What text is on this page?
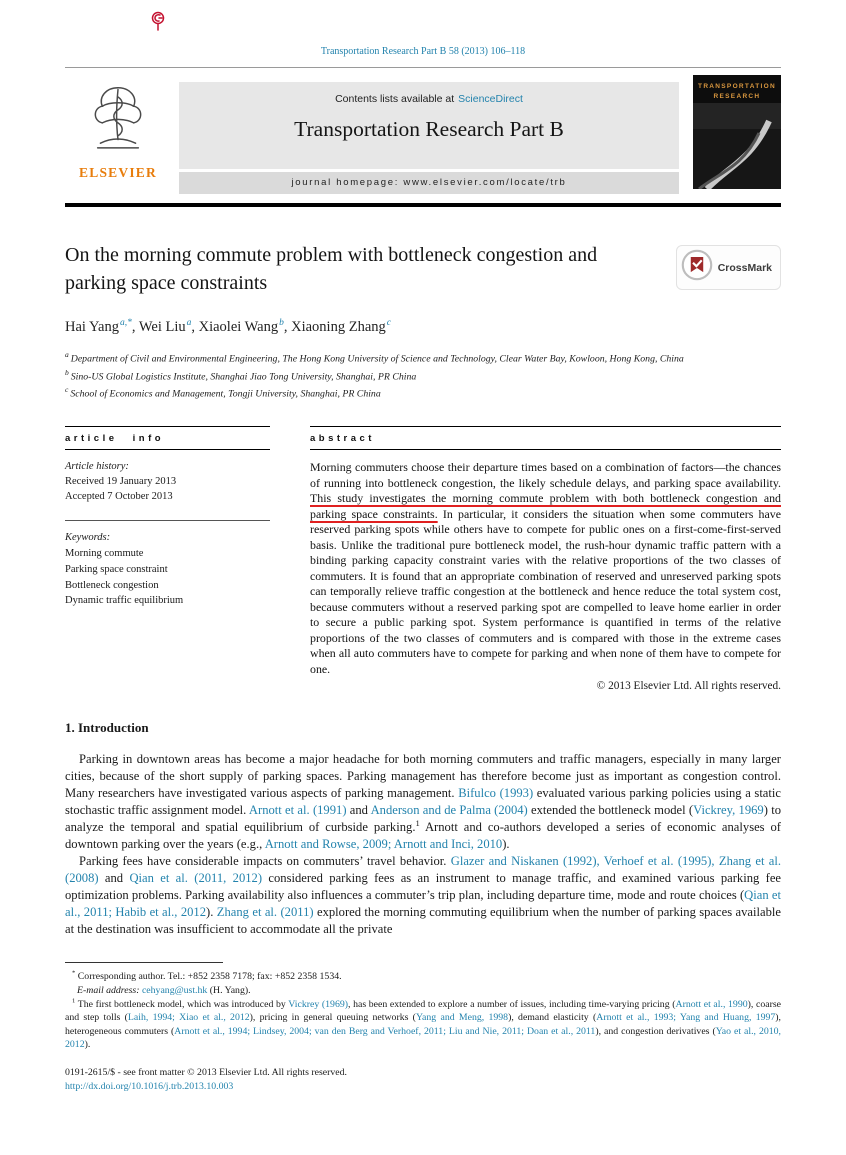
Transportation Research Part B 58 (2013) 106–118
ELSEVIER
Contents lists available at ScienceDirect
Transportation Research Part B
journal homepage: www.elsevier.com/locate/trb
TRANSPORTATION
RESEARCH
On the morning commute problem with bottleneck congestion and parking space constraints
CrossMark
Hai Yang$^{a,*}$, Wei Liu$^a$, Xiaolei Wang$^b$, Xiaoning Zhang$^c$
$^a$ Department of Civil and Environmental Engineering, The Hong Kong University of Science and Technology, Clear Water Bay, Kowloon, Hong Kong, China
$^b$ Sino-US Global Logistics Institute, Shanghai Jiao Tong University, Shanghai, PR China
$^c$ School of Economics and Management, Tongji University, Shanghai, PR China
article info
Article history:
Received 19 January 2013
Accepted 7 October 2013
Keywords:
Morning commute
Parking space constraint
Bottleneck congestion
Dynamic traffic equilibrium
abstract

Morning commuters choose their departure times based on a combination of factors—the chances of running into bottleneck congestion, the likely schedule delays, and parking space availability. This study investigates the morning commute problem with both bottleneck congestion and parking space constraints. In particular, it considers the situation when some commuters have reserved parking spots while others have to compete for public ones on a first-come-first-served basis. Unlike the traditional pure bottleneck model, the rush-hour dynamic traffic pattern with a binding parking capacity constraint varies with the relative proportions of the two classes of commuters. It is found that an appropriate combination of reserved and unreserved parking spots can temporally relieve traffic congestion at the bottleneck and hence reduce the total system cost, because commuters without a reserved parking spot are compelled to leave home earlier in order to secure a public parking spot. System performance is quantified in terms of the relative proportions of the two classes of commuters and is compared with those in the extreme cases when all auto commuters have to compete for parking and when none of them have to compete for one.

© 2013 Elsevier Ltd. All rights reserved.
1. Introduction

Parking in downtown areas has become a major headache for both morning commuters and traffic managers, especially in many larger cities, because of the short supply of parking spaces. Parking management has therefore become just as important as congestion control. Many researchers have investigated various aspects of parking management. Bifulco (1993) evaluated various parking policies using a static stochastic traffic assignment model. Arnott et al. (1991) and Anderson and de Palma (2004) extended the bottleneck model (Vickrey, 1969) to analyze the temporal and spatial equilibrium of curbside parking.$^1$ Arnott and co-authors developed a series of economic analyses of downtown parking over the years (e.g., Arnott and Rowse, 2009; Arnott and Inci, 2010).

Parking fees have considerable impacts on commuters’ travel behavior. Glazer and Niskanen (1992), Verhoef et al. (1995), Zhang et al. (2008) and Qian et al. (2011, 2012) considered parking fees as an instrument to manage traffic, and examined various parking fee optimization problems. Parking availability also influences a commuter’s trip plan, including departure time, mode and route choices (Qian et al., 2011; Habib et al., 2012). Zhang et al. (2011) explored the morning commuting equilibrium when the number of parking spaces available at the destination was insufficient to accommodate all the private

* Corresponding author. Tel.: +852 2358 7178; fax: +852 2358 1534.
E-mail address: cehyang@ust.hk (H. Yang).
$^1$ The first bottleneck model, which was introduced by Vickrey (1969), has been extended to explore a number of issues, including time-varying pricing (Arnott et al., 1990), coarse and step tolls (Laih, 1994; Xiao et al., 2012), pricing in general queuing networks (Yang and Meng, 1998), demand elasticity (Arnott et al., 1993; Yang and Huang, 1997), heterogeneous commuters (Arnott et al., 1994; Lindsey, 2004; van den Berg and Verhoef, 2011; Liu and Nie, 2011; Doan et al., 2011), and congestion derivatives (Yao et al., 2010, 2012).
0191-2615/$ - see front matter © 2013 Elsevier Ltd. All rights reserved.
http://dx.doi.org/10.1016/j.trb.2013.10.003
